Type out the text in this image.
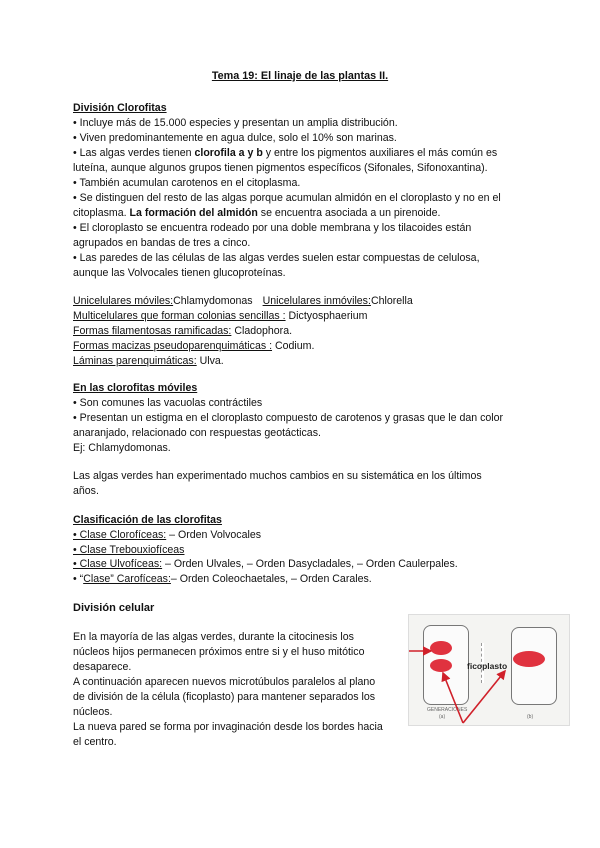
Tema 19: El linaje de las plantas II.
División Clorofitas
• Incluye más de 15.000 especies y presentan un amplia distribución.
• Viven predominantemente en agua dulce, solo el 10% son marinas.
• Las algas verdes tienen clorofila a y b y entre los pigmentos auxiliares el más común es
luteína, aunque algunos grupos tienen pigmentos específicos (Sifonales, Sifonoxantina).
• También acumulan carotenos en el citoplasma.
• Se distinguen del resto de las algas porque acumulan almidón en el cloroplasto y no en el
citoplasma. La formación del almidón se encuentra asociada a un pirenoide.
• El cloroplasto se encuentra rodeado por una doble membrana y los tilacoides están
agrupados en bandas de tres a cinco.
• Las paredes de las células de las algas verdes suelen estar compuestas de celulosa,
aunque las Volvocales tienen glucoproteínas.
Unicelulares móviles:Chlamydomonas Unicelulares inmóviles:Chlorella
Multicelulares que forman colonias sencillas : Dictyosphaerium
Formas filamentosas ramificadas: Cladophora.
Formas macizas pseudoparenquimáticas : Codium.
Láminas parenquimáticas: Ulva.
En las clorofitas móviles
• Son comunes las vacuolas contráctiles
• Presentan un estigma en el cloroplasto compuesto de carotenos y grasas que le dan color
anaranjado, relacionado con respuestas geotácticas.
Ej: Chlamydomonas.
Las algas verdes han experimentado muchos cambios en su sistemática en los últimos
años.
Clasificación de las clorofitas
• Clase Clorofíceas: – Orden Volvocales
• Clase Trebouxiofíceas
• Clase Ulvofíceas: – Orden Ulvales, – Orden Dasycladales, – Orden Caulerpales.
• “Clase” Carofíceas:– Orden Coleochaetales, – Orden Carales.
División celular
En la mayoría de las algas verdes, durante la citocinesis los
núcleos hijos permanecen próximos entre si y el huso mitótico
desaparece.
A continuación aparecen nuevos microtúbulos paralelos al plano
de división de la célula (ficoplasto) para mantener separados los
núcleos.
La nueva pared se forma por invaginación desde los bordes hacia
el centro.
ficoplasto
GENERACIONES
(a)	(b)
